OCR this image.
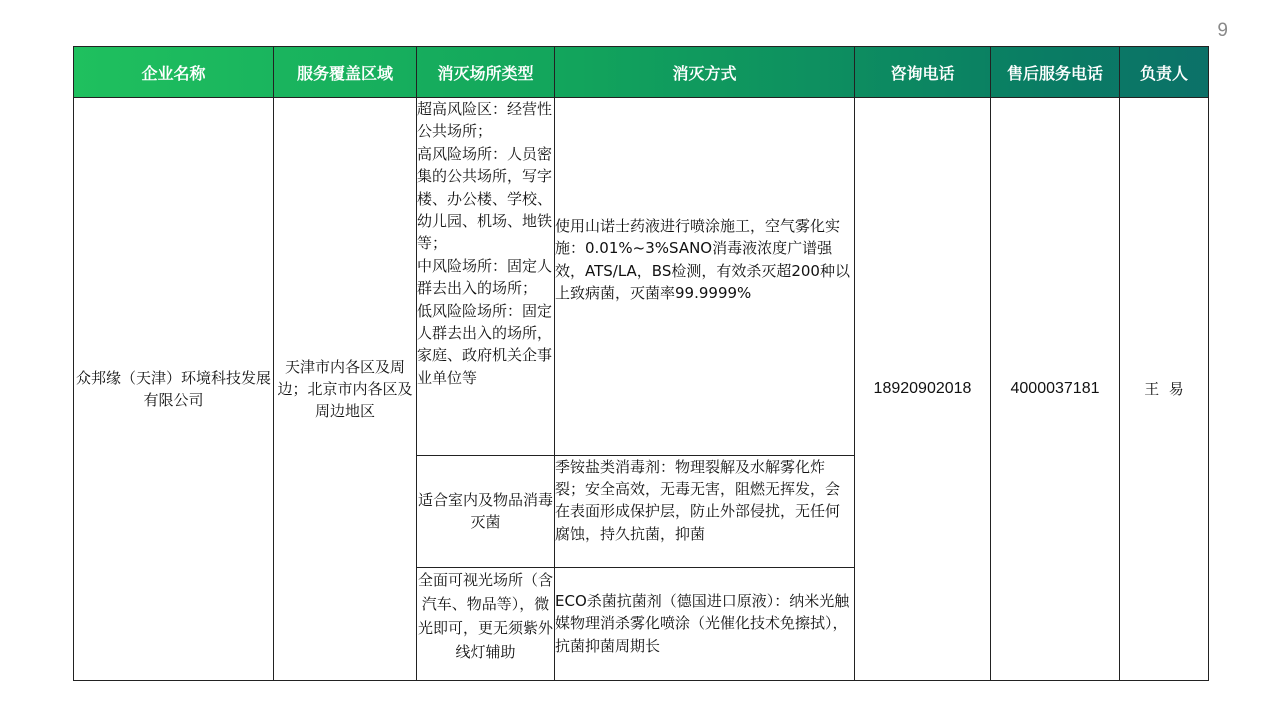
9
企业名称	服务覆盖区域	消灭场所类型	消灭方式	咨询电话	售后服务电话	负责人
众邦缘（天津）环境科技发展有限公司	天津市内各区及周边；北京市内各区及周边地区	超高风险区：经营性公共场所；
高风险场所：人员密集的公共场所，写字楼、办公楼、学校、幼儿园、机场、地铁等；
中风险场所：固定人群去出入的场所；
低风险险场所：固定人群去出入的场所，家庭、政府机关企事业单位等	使用山诺士药液进行喷涂施工，空气雾化实施：0.01%~3%SANO消毒液浓度广谱强效，ATS/LA，BS检测，有效杀灭超200种以上致病菌，灭菌率99.9999%	18920902018	4000037181	王  易
		适合室内及物品消毒灭菌	季铵盐类消毒剂：物理裂解及水解雾化炸裂；安全高效，无毒无害，阻燃无挥发，会在表面形成保护层，防止外部侵扰，无任何腐蚀，持久抗菌，抑菌			
		全面可视光场所（含汽车、物品等），微光即可，更无须紫外线灯辅助	ECO杀菌抗菌剂（德国进口原液）：纳米光触媒物理消杀雾化喷涂（光催化技术免擦拭），抗菌抑菌周期长			
